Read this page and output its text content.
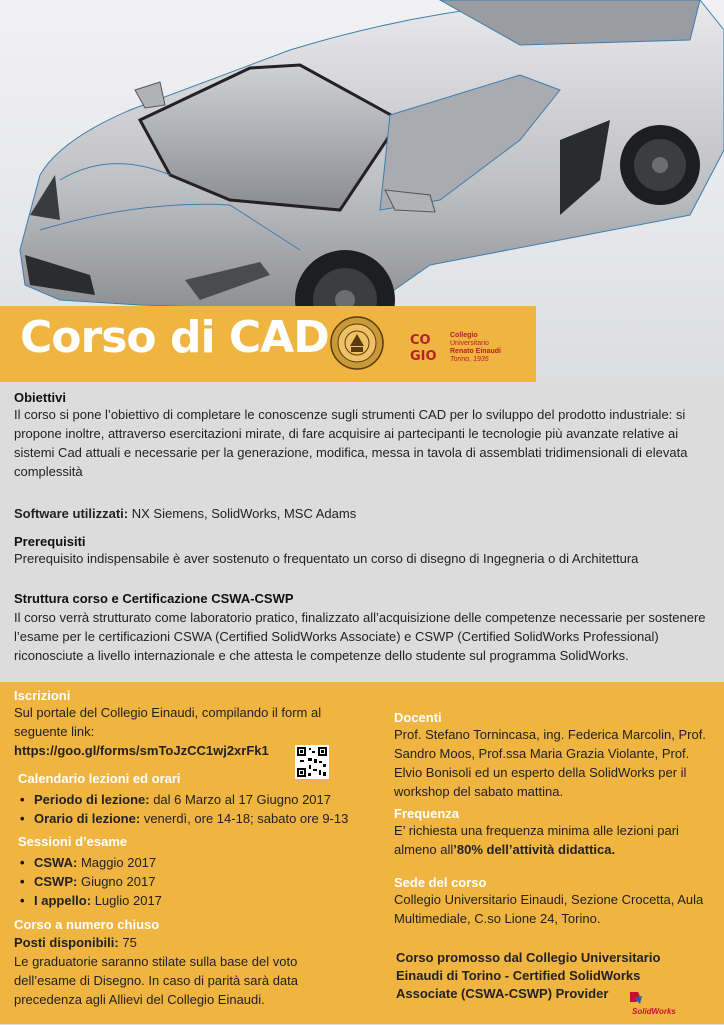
Corso di CAD	CO
GIO
Collegio
Universitario
Renato Einaudi
Torino, 1935
Obiettivi
Il corso si pone l’obiettivo di completare le conoscenze sugli strumenti CAD per lo sviluppo del prodotto industriale: si propone inoltre, attraverso esercitazioni mirate, di fare acquisire ai partecipanti le tecnologie più avanzate relative ai sistemi Cad attuali e necessarie per la generazione, modifica, messa in tavola di assemblati tridimensionali di elevata complessità
Software utilizzati: NX Siemens, SolidWorks, MSC Adams
Prerequisiti
Prerequisito indispensabile è aver sostenuto o frequentato un corso di disegno di Ingegneria o di Architettura
Struttura corso e Certificazione CSWA-CSWP
Il corso verrà strutturato come laboratorio pratico, finalizzato all’acquisizione delle competenze necessarie per sostenere l’esame per le certificazioni CSWA (Certified SolidWorks Associate) e CSWP (Certified SolidWorks Professional) riconosciute a livello internazionale e che attesta le competenze dello studente sul programma SolidWorks.
Iscrizioni
Sul portale del Collegio Einaudi, compilando il form al seguente link:
https://goo.gl/forms/smToJzCC1wj2xrFk1
Calendario lezioni ed orari
• Periodo di lezione: dal 6 Marzo al 17 Giugno 2017
• Orario di lezione: venerdì, ore 14-18; sabato ore 9-13
Sessioni d’esame
• CSWA: Maggio 2017
• CSWP: Giugno 2017
• I appello: Luglio 2017
Corso a numero chiuso
Posti disponibili: 75
Le graduatorie saranno stilate sulla base del voto dell’esame di Disegno. In caso di parità sarà data precedenza agli Allievi del Collegio Einaudi.
Docenti
Prof. Stefano Tornincasa, ing. Federica Marcolin, Prof. Sandro Moos, Prof.ssa Maria Grazia Violante, Prof. Elvio Bonisoli ed un esperto della SolidWorks per il workshop del sabato mattina.
Frequenza
E’ richiesta una frequenza minima alle lezioni pari almeno all’80% dell’attività didattica.
Sede del corso
Collegio Universitario Einaudi, Sezione Crocetta, Aula Multimediale, C.so Lione 24, Torino.
Corso promosso dal Collegio Universitario Einaudi di Torino - Certified SolidWorks Associate (CSWA-CSWP) Provider
SolidWorks
